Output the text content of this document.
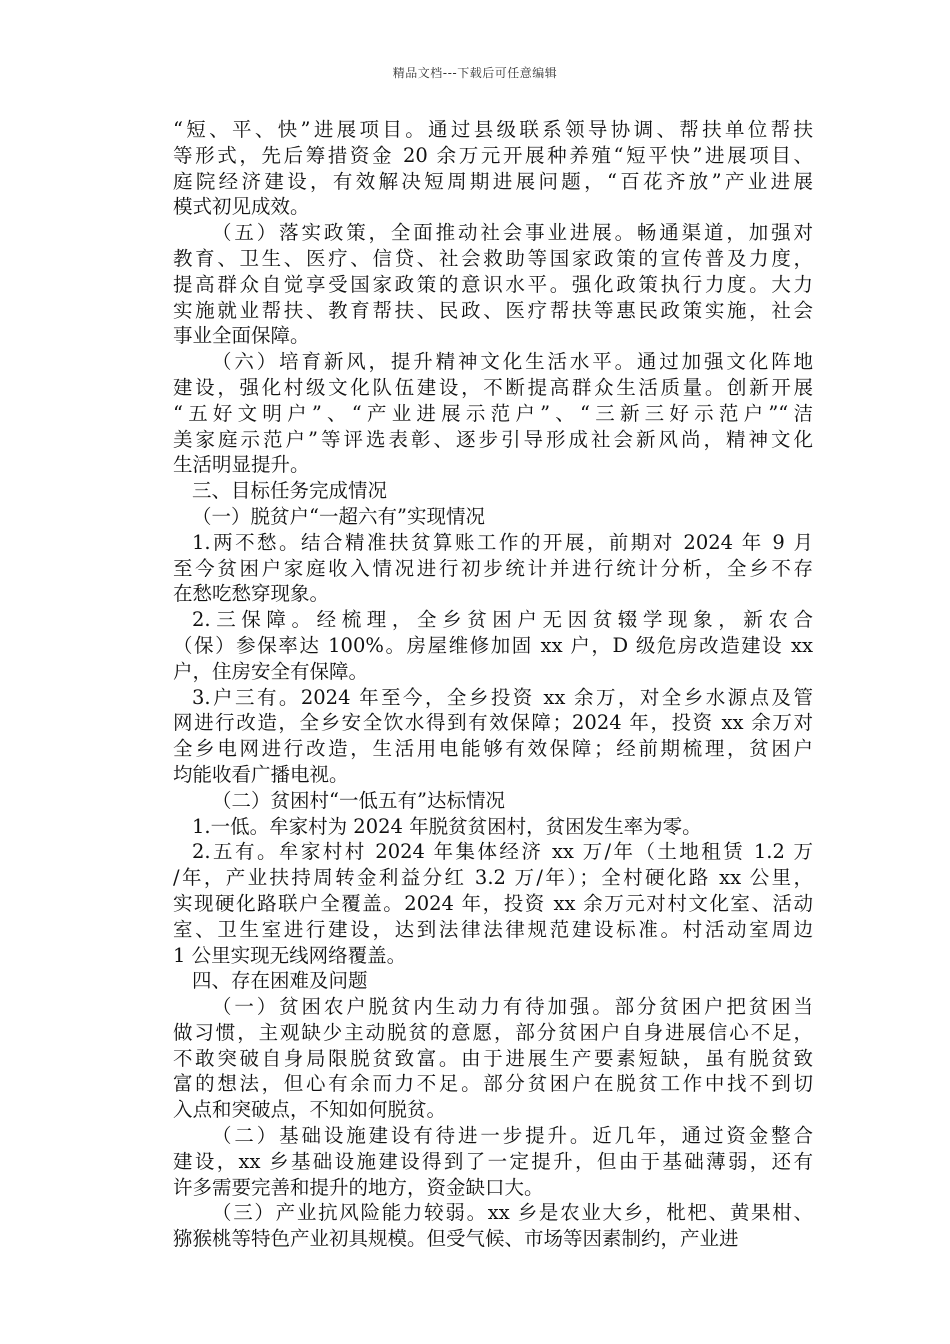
精品文档---下载后可任意编辑
“短、平、快”进展项目。通过县级联系领导协调、帮扶单位帮扶
等形式，先后筹措资金 20 余万元开展种养殖“短平快”进展项目、
庭院经济建设，有效解决短周期进展问题，“百花齐放”产业进展
模式初见成效。
（五）落实政策，全面推动社会事业进展。畅通渠道，加强对
教育、卫生、医疗、信贷、社会救助等国家政策的宣传普及力度，
提高群众自觉享受国家政策的意识水平。强化政策执行力度。大力
实施就业帮扶、教育帮扶、民政、医疗帮扶等惠民政策实施，社会
事业全面保障。
（六）培育新风，提升精神文化生活水平。通过加强文化阵地
建设，强化村级文化队伍建设，不断提高群众生活质量。创新开展
“五好文明户”、“产业进展示范户”、“三新三好示范户”“洁
美家庭示范户”等评选表彰、逐步引导形成社会新风尚，精神文化
生活明显提升。
三、目标任务完成情况
（一）脱贫户“一超六有”实现情况
1.两不愁。结合精准扶贫算账工作的开展，前期对 2024 年 9 月
至今贫困户家庭收入情况进行初步统计并进行统计分析，全乡不存
在愁吃愁穿现象。
2.三保障。经梳理，全乡贫困户无因贫辍学现象，新农合
（保）参保率达 100%。房屋维修加固 xx 户，D 级危房改造建设 xx
户，住房安全有保障。
3.户三有。2024 年至今，全乡投资 xx 余万，对全乡水源点及管
网进行改造，全乡安全饮水得到有效保障；2024 年，投资 xx 余万对
全乡电网进行改造，生活用电能够有效保障；经前期梳理，贫困户
均能收看广播电视。
（二）贫困村“一低五有”达标情况
1.一低。牟家村为 2024 年脱贫贫困村，贫困发生率为零。
2.五有。牟家村村 2024 年集体经济 xx 万/年（土地租赁 1.2 万
/年，产业扶持周转金利益分红 3.2 万/年）；全村硬化路 xx 公里，
实现硬化路联户全覆盖。2024 年，投资 xx 余万元对村文化室、活动
室、卫生室进行建设，达到法律法律规范建设标准。村活动室周边
1 公里实现无线网络覆盖。
四、存在困难及问题
（一）贫困农户脱贫内生动力有待加强。部分贫困户把贫困当
做习惯，主观缺少主动脱贫的意愿，部分贫困户自身进展信心不足，
不敢突破自身局限脱贫致富。由于进展生产要素短缺，虽有脱贫致
富的想法，但心有余而力不足。部分贫困户在脱贫工作中找不到切
入点和突破点，不知如何脱贫。
（二）基础设施建设有待进一步提升。近几年，通过资金整合
建设，xx 乡基础设施建设得到了一定提升，但由于基础薄弱，还有
许多需要完善和提升的地方，资金缺口大。
（三）产业抗风险能力较弱。xx 乡是农业大乡，枇杷、黄果柑、
猕猴桃等特色产业初具规模。但受气候、市场等因素制约，产业进
